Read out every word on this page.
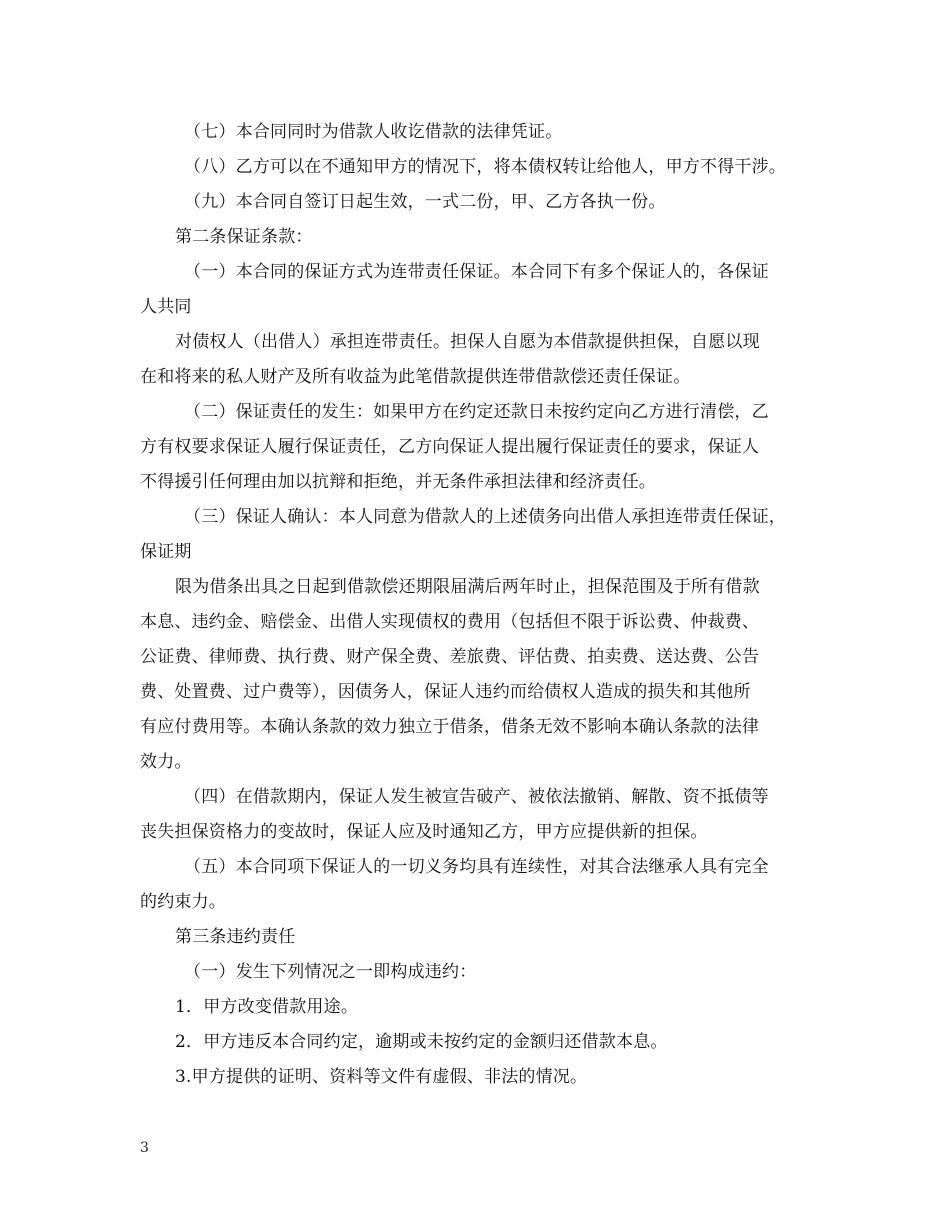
（七）本合同同时为借款人收讫借款的法律凭证。
（八）乙方可以在不通知甲方的情况下，将本债权转让给他人，甲方不得干涉。
（九）本合同自签订日起生效，一式二份，甲、乙方各执一份。
第二条保证条款：
（一）本合同的保证方式为连带责任保证。本合同下有多个保证人的，各保证
人共同
对债权人（出借人）承担连带责任。担保人自愿为本借款提供担保，自愿以现
在和将来的私人财产及所有收益为此笔借款提供连带借款偿还责任保证。
（二）保证责任的发生：如果甲方在约定还款日未按约定向乙方进行清偿，乙
方有权要求保证人履行保证责任，乙方向保证人提出履行保证责任的要求，保证人
不得援引任何理由加以抗辩和拒绝，并无条件承担法律和经济责任。
（三）保证人确认：本人同意为借款人的上述债务向出借人承担连带责任保证，
保证期
限为借条出具之日起到借款偿还期限届满后两年时止，担保范围及于所有借款
本息、违约金、赔偿金、出借人实现债权的费用（包括但不限于诉讼费、仲裁费、
公证费、律师费、执行费、财产保全费、差旅费、评估费、拍卖费、送达费、公告
费、处置费、过户费等），因债务人，保证人违约而给债权人造成的损失和其他所
有应付费用等。本确认条款的效力独立于借条，借条无效不影响本确认条款的法律
效力。
（四）在借款期内，保证人发生被宣告破产、被依法撤销、解散、资不抵债等
丧失担保资格力的变故时，保证人应及时通知乙方，甲方应提供新的担保。
（五）本合同项下保证人的一切义务均具有连续性，对其合法继承人具有完全
的约束力。
第三条违约责任
（一）发生下列情况之一即构成违约：
1．甲方改变借款用途。
2．甲方违反本合同约定，逾期或未按约定的金额归还借款本息。
3.甲方提供的证明、资料等文件有虚假、非法的情况。
3
